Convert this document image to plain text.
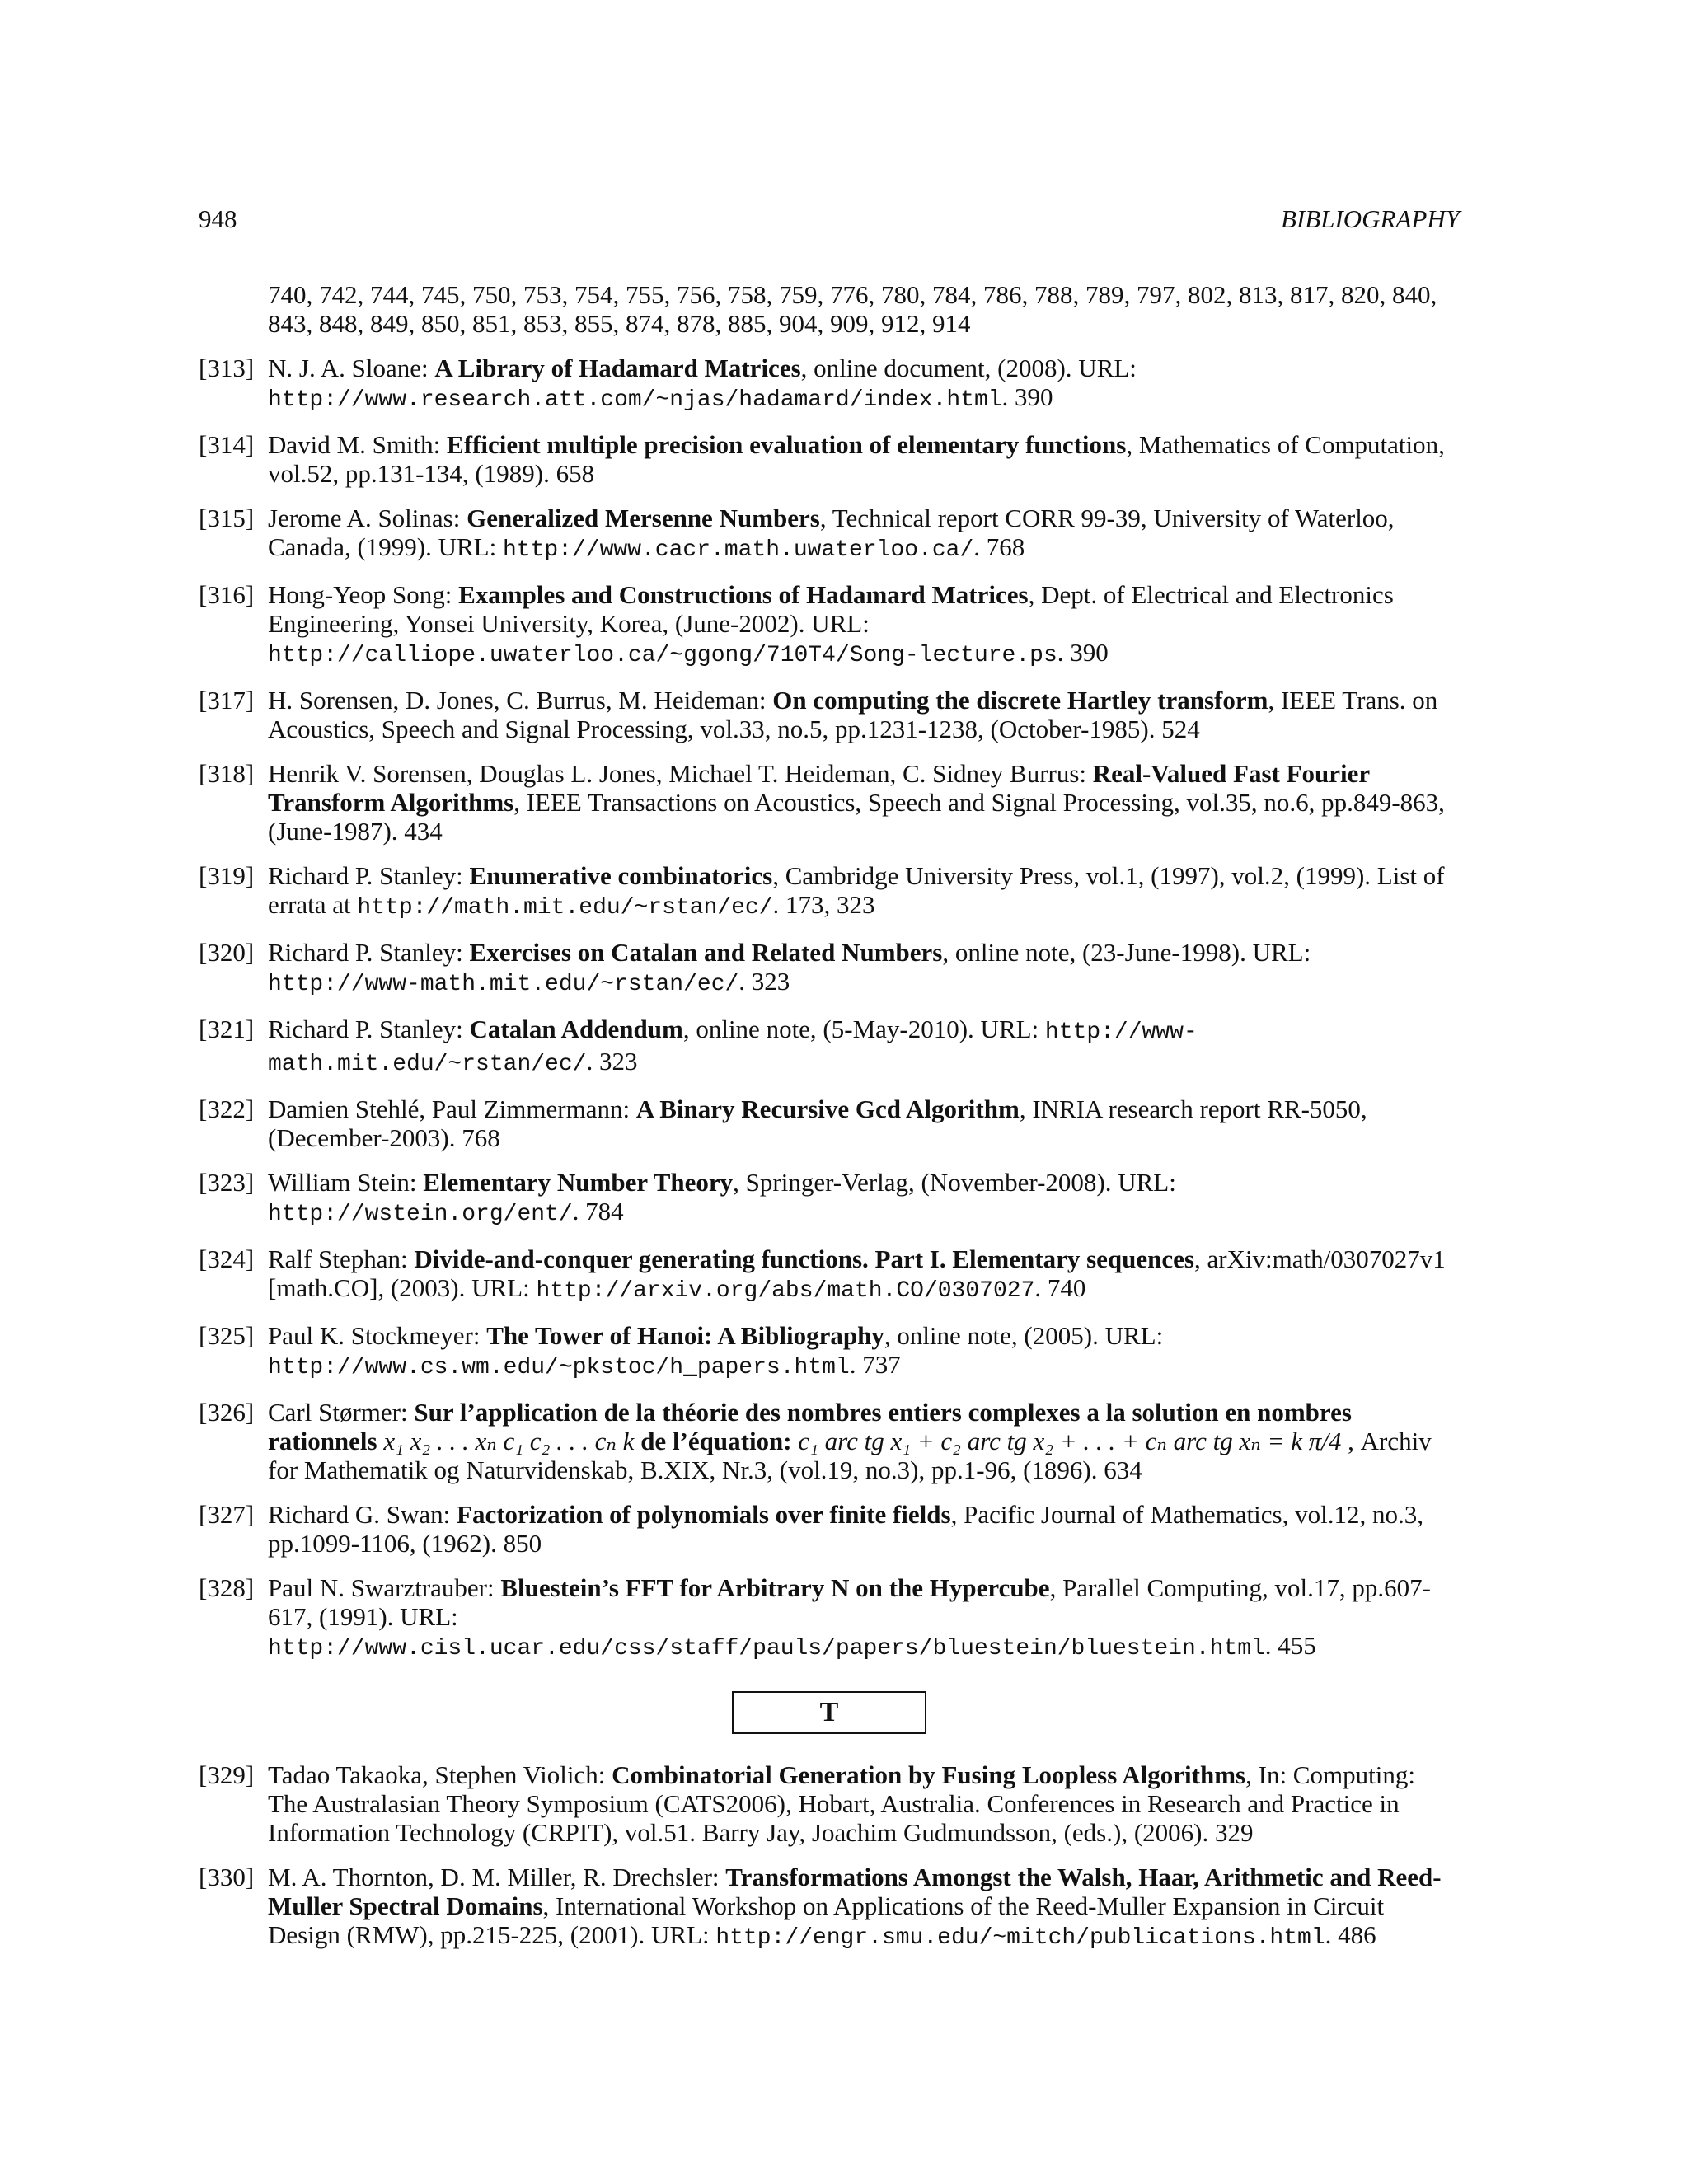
948	BIBLIOGRAPHY
740, 742, 744, 745, 750, 753, 754, 755, 756, 758, 759, 776, 780, 784, 786, 788, 789, 797, 802, 813, 817, 820, 840, 843, 848, 849, 850, 851, 853, 855, 874, 878, 885, 904, 909, 912, 914
[313] N. J. A. Sloane: A Library of Hadamard Matrices, online document, (2008). URL: http://www.research.att.com/~njas/hadamard/index.html. 390
[314] David M. Smith: Efficient multiple precision evaluation of elementary functions, Mathematics of Computation, vol.52, pp.131-134, (1989). 658
[315] Jerome A. Solinas: Generalized Mersenne Numbers, Technical report CORR 99-39, University of Waterloo, Canada, (1999). URL: http://www.cacr.math.uwaterloo.ca/. 768
[316] Hong-Yeop Song: Examples and Constructions of Hadamard Matrices, Dept. of Electrical and Electronics Engineering, Yonsei University, Korea, (June-2002). URL: http://calliope.uwaterloo.ca/~ggong/710T4/Song-lecture.ps. 390
[317] H. Sorensen, D. Jones, C. Burrus, M. Heideman: On computing the discrete Hartley transform, IEEE Trans. on Acoustics, Speech and Signal Processing, vol.33, no.5, pp.1231-1238, (October-1985). 524
[318] Henrik V. Sorensen, Douglas L. Jones, Michael T. Heideman, C. Sidney Burrus: Real-Valued Fast Fourier Transform Algorithms, IEEE Transactions on Acoustics, Speech and Signal Processing, vol.35, no.6, pp.849-863, (June-1987). 434
[319] Richard P. Stanley: Enumerative combinatorics, Cambridge University Press, vol.1, (1997), vol.2, (1999). List of errata at http://math.mit.edu/~rstan/ec/. 173, 323
[320] Richard P. Stanley: Exercises on Catalan and Related Numbers, online note, (23-June-1998). URL: http://www-math.mit.edu/~rstan/ec/. 323
[321] Richard P. Stanley: Catalan Addendum, online note, (5-May-2010). URL: http://www-math.mit.edu/~rstan/ec/. 323
[322] Damien Stehlé, Paul Zimmermann: A Binary Recursive Gcd Algorithm, INRIA research report RR-5050, (December-2003). 768
[323] William Stein: Elementary Number Theory, Springer-Verlag, (November-2008). URL: http://wstein.org/ent/. 784
[324] Ralf Stephan: Divide-and-conquer generating functions. Part I. Elementary sequences, arXiv:math/0307027v1 [math.CO], (2003). URL: http://arxiv.org/abs/math.CO/0307027. 740
[325] Paul K. Stockmeyer: The Tower of Hanoi: A Bibliography, online note, (2005). URL: http://www.cs.wm.edu/~pkstoc/h_papers.html. 737
[326] Carl Størmer: Sur l’application de la théorie des nombres entiers complexes a la solution en nombres rationnels x₁ x₂ . . . xₙ c₁ c₂ . . . cₙ k de l’équation: c₁ arc tg x₁ + c₂ arc tg x₂ + . . . + cₙ arc tg xₙ = k π/4 , Archiv for Mathematik og Naturvidenskab, B.XIX, Nr.3, (vol.19, no.3), pp.1-96, (1896). 634
[327] Richard G. Swan: Factorization of polynomials over finite fields, Pacific Journal of Mathematics, vol.12, no.3, pp.1099-1106, (1962). 850
[328] Paul N. Swarztrauber: Bluestein’s FFT for Arbitrary N on the Hypercube, Parallel Computing, vol.17, pp.607-617, (1991). URL: http://www.cisl.ucar.edu/css/staff/pauls/papers/bluestein/bluestein.html. 455
T
[329] Tadao Takaoka, Stephen Violich: Combinatorial Generation by Fusing Loopless Algorithms, In: Computing: The Australasian Theory Symposium (CATS2006), Hobart, Australia. Conferences in Research and Practice in Information Technology (CRPIT), vol.51. Barry Jay, Joachim Gudmundsson, (eds.), (2006). 329
[330] M. A. Thornton, D. M. Miller, R. Drechsler: Transformations Amongst the Walsh, Haar, Arithmetic and Reed-Muller Spectral Domains, International Workshop on Applications of the Reed-Muller Expansion in Circuit Design (RMW), pp.215-225, (2001). URL: http://engr.smu.edu/~mitch/publications.html. 486
